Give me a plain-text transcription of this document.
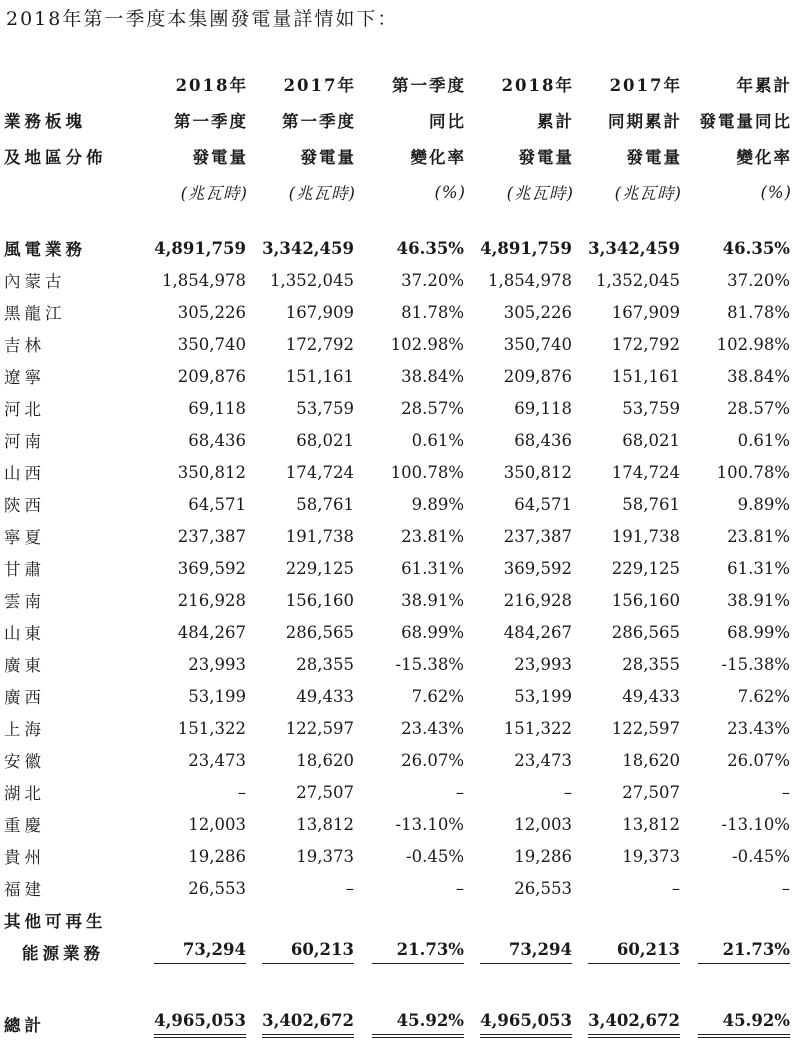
2018年第一季度本集團發電量詳情如下：
	2018年	2017年	第一季度	2018年	2017年	年累計
業務板塊	第一季度	第一季度	同比	累計	同期累計	發電量同比
及地區分佈	發電量	發電量	變化率	發電量	發電量	變化率
	(兆瓦時)	(兆瓦時)	(%)	(兆瓦時)	(兆瓦時)	(%)

風電業務	4,891,759	3,342,459	46.35%	4,891,759	3,342,459	46.35%
內蒙古	1,854,978	1,352,045	37.20%	1,854,978	1,352,045	37.20%
黑龍江	305,226	167,909	81.78%	305,226	167,909	81.78%
吉林	350,740	172,792	102.98%	350,740	172,792	102.98%
遼寧	209,876	151,161	38.84%	209,876	151,161	38.84%
河北	69,118	53,759	28.57%	69,118	53,759	28.57%
河南	68,436	68,021	0.61%	68,436	68,021	0.61%
山西	350,812	174,724	100.78%	350,812	174,724	100.78%
陝西	64,571	58,761	9.89%	64,571	58,761	9.89%
寧夏	237,387	191,738	23.81%	237,387	191,738	23.81%
甘肅	369,592	229,125	61.31%	369,592	229,125	61.31%
雲南	216,928	156,160	38.91%	216,928	156,160	38.91%
山東	484,267	286,565	68.99%	484,267	286,565	68.99%
廣東	23,993	28,355	-15.38%	23,993	28,355	-15.38%
廣西	53,199	49,433	7.62%	53,199	49,433	7.62%
上海	151,322	122,597	23.43%	151,322	122,597	23.43%
安徽	23,473	18,620	26.07%	23,473	18,620	26.07%
湖北	–	27,507	–	–	27,507	–
重慶	12,003	13,812	-13.10%	12,003	13,812	-13.10%
貴州	19,286	19,373	-0.45%	19,286	19,373	-0.45%
福建	26,553	–	–	26,553	–	–
其他可再生						
能源業務	73,294	60,213	21.73%	73,294	60,213	21.73%

總計	4,965,053	3,402,672	45.92%	4,965,053	3,402,672	45.92%
